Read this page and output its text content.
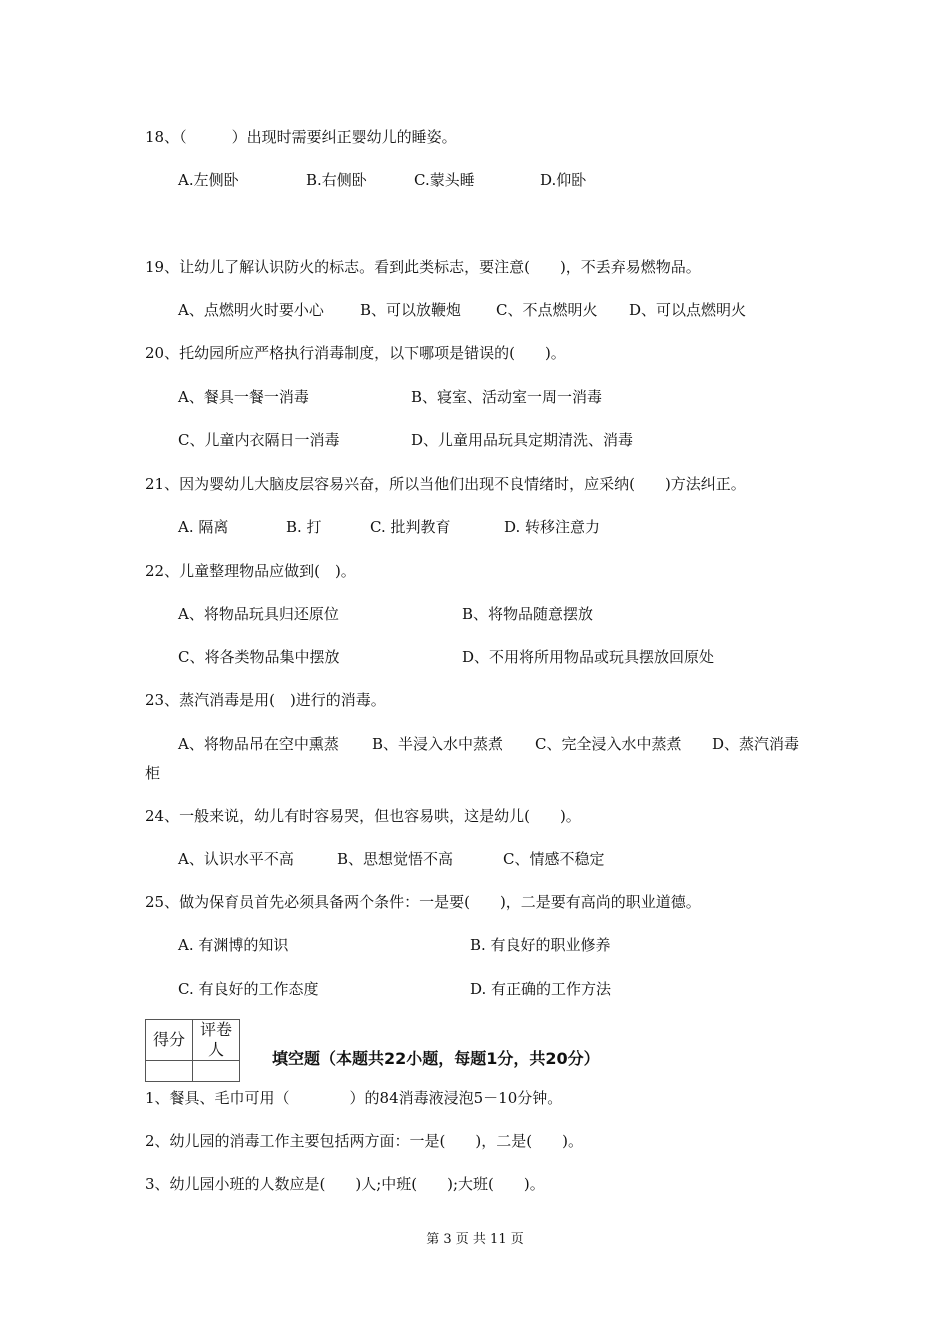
18、（　　　）出现时需要纠正婴幼儿的睡姿。
A.左侧卧	B.右侧卧	C.蒙头睡	D.仰卧
19、让幼儿了解认识防火的标志。看到此类标志，要注意(　　)，不丢弃易燃物品。
A、点燃明火时要小心 B、可以放鞭炮 C、不点燃明火 D、可以点燃明火
20、托幼园所应严格执行消毒制度，以下哪项是错误的(　　)。
A、餐具一餐一消毒	B、寝室、活动室一周一消毒
C、儿童内衣隔日一消毒	D、儿童用品玩具定期清洗、消毒
21、因为婴幼儿大脑皮层容易兴奋，所以当他们出现不良情绪时，应采纳(　　)方法纠正。
A. 隔离	B. 打	C. 批判教育	D. 转移注意力
22、儿童整理物品应做到(　)。
A、将物品玩具归还原位	B、将物品随意摆放
C、将各类物品集中摆放	D、不用将所用物品或玩具摆放回原处
23、蒸汽消毒是用(　)进行的消毒。
A、将物品吊在空中熏蒸 B、半浸入水中蒸煮 C、完全浸入水中蒸煮 D、蒸汽消毒
柜
24、一般来说，幼儿有时容易哭，但也容易哄，这是幼儿(　　)。
A、认识水平不高	B、思想觉悟不高	C、情感不稳定
25、做为保育员首先必须具备两个条件：一是要(　　)，二是要有高尚的职业道德。
A. 有渊博的知识	B. 有良好的职业修养
C. 有良好的工作态度	D. 有正确的工作方法
得分	评卷人
		填空题（本题共22小题，每题1分，共20分）
1、餐具、毛巾可用（　　　　）的84消毒液浸泡5－10分钟。
2、幼儿园的消毒工作主要包括两方面：一是(　　)，二是(　　)。
3、幼儿园小班的人数应是(　　)人;中班(　　);大班(　　)。
第 3 页 共 11 页
